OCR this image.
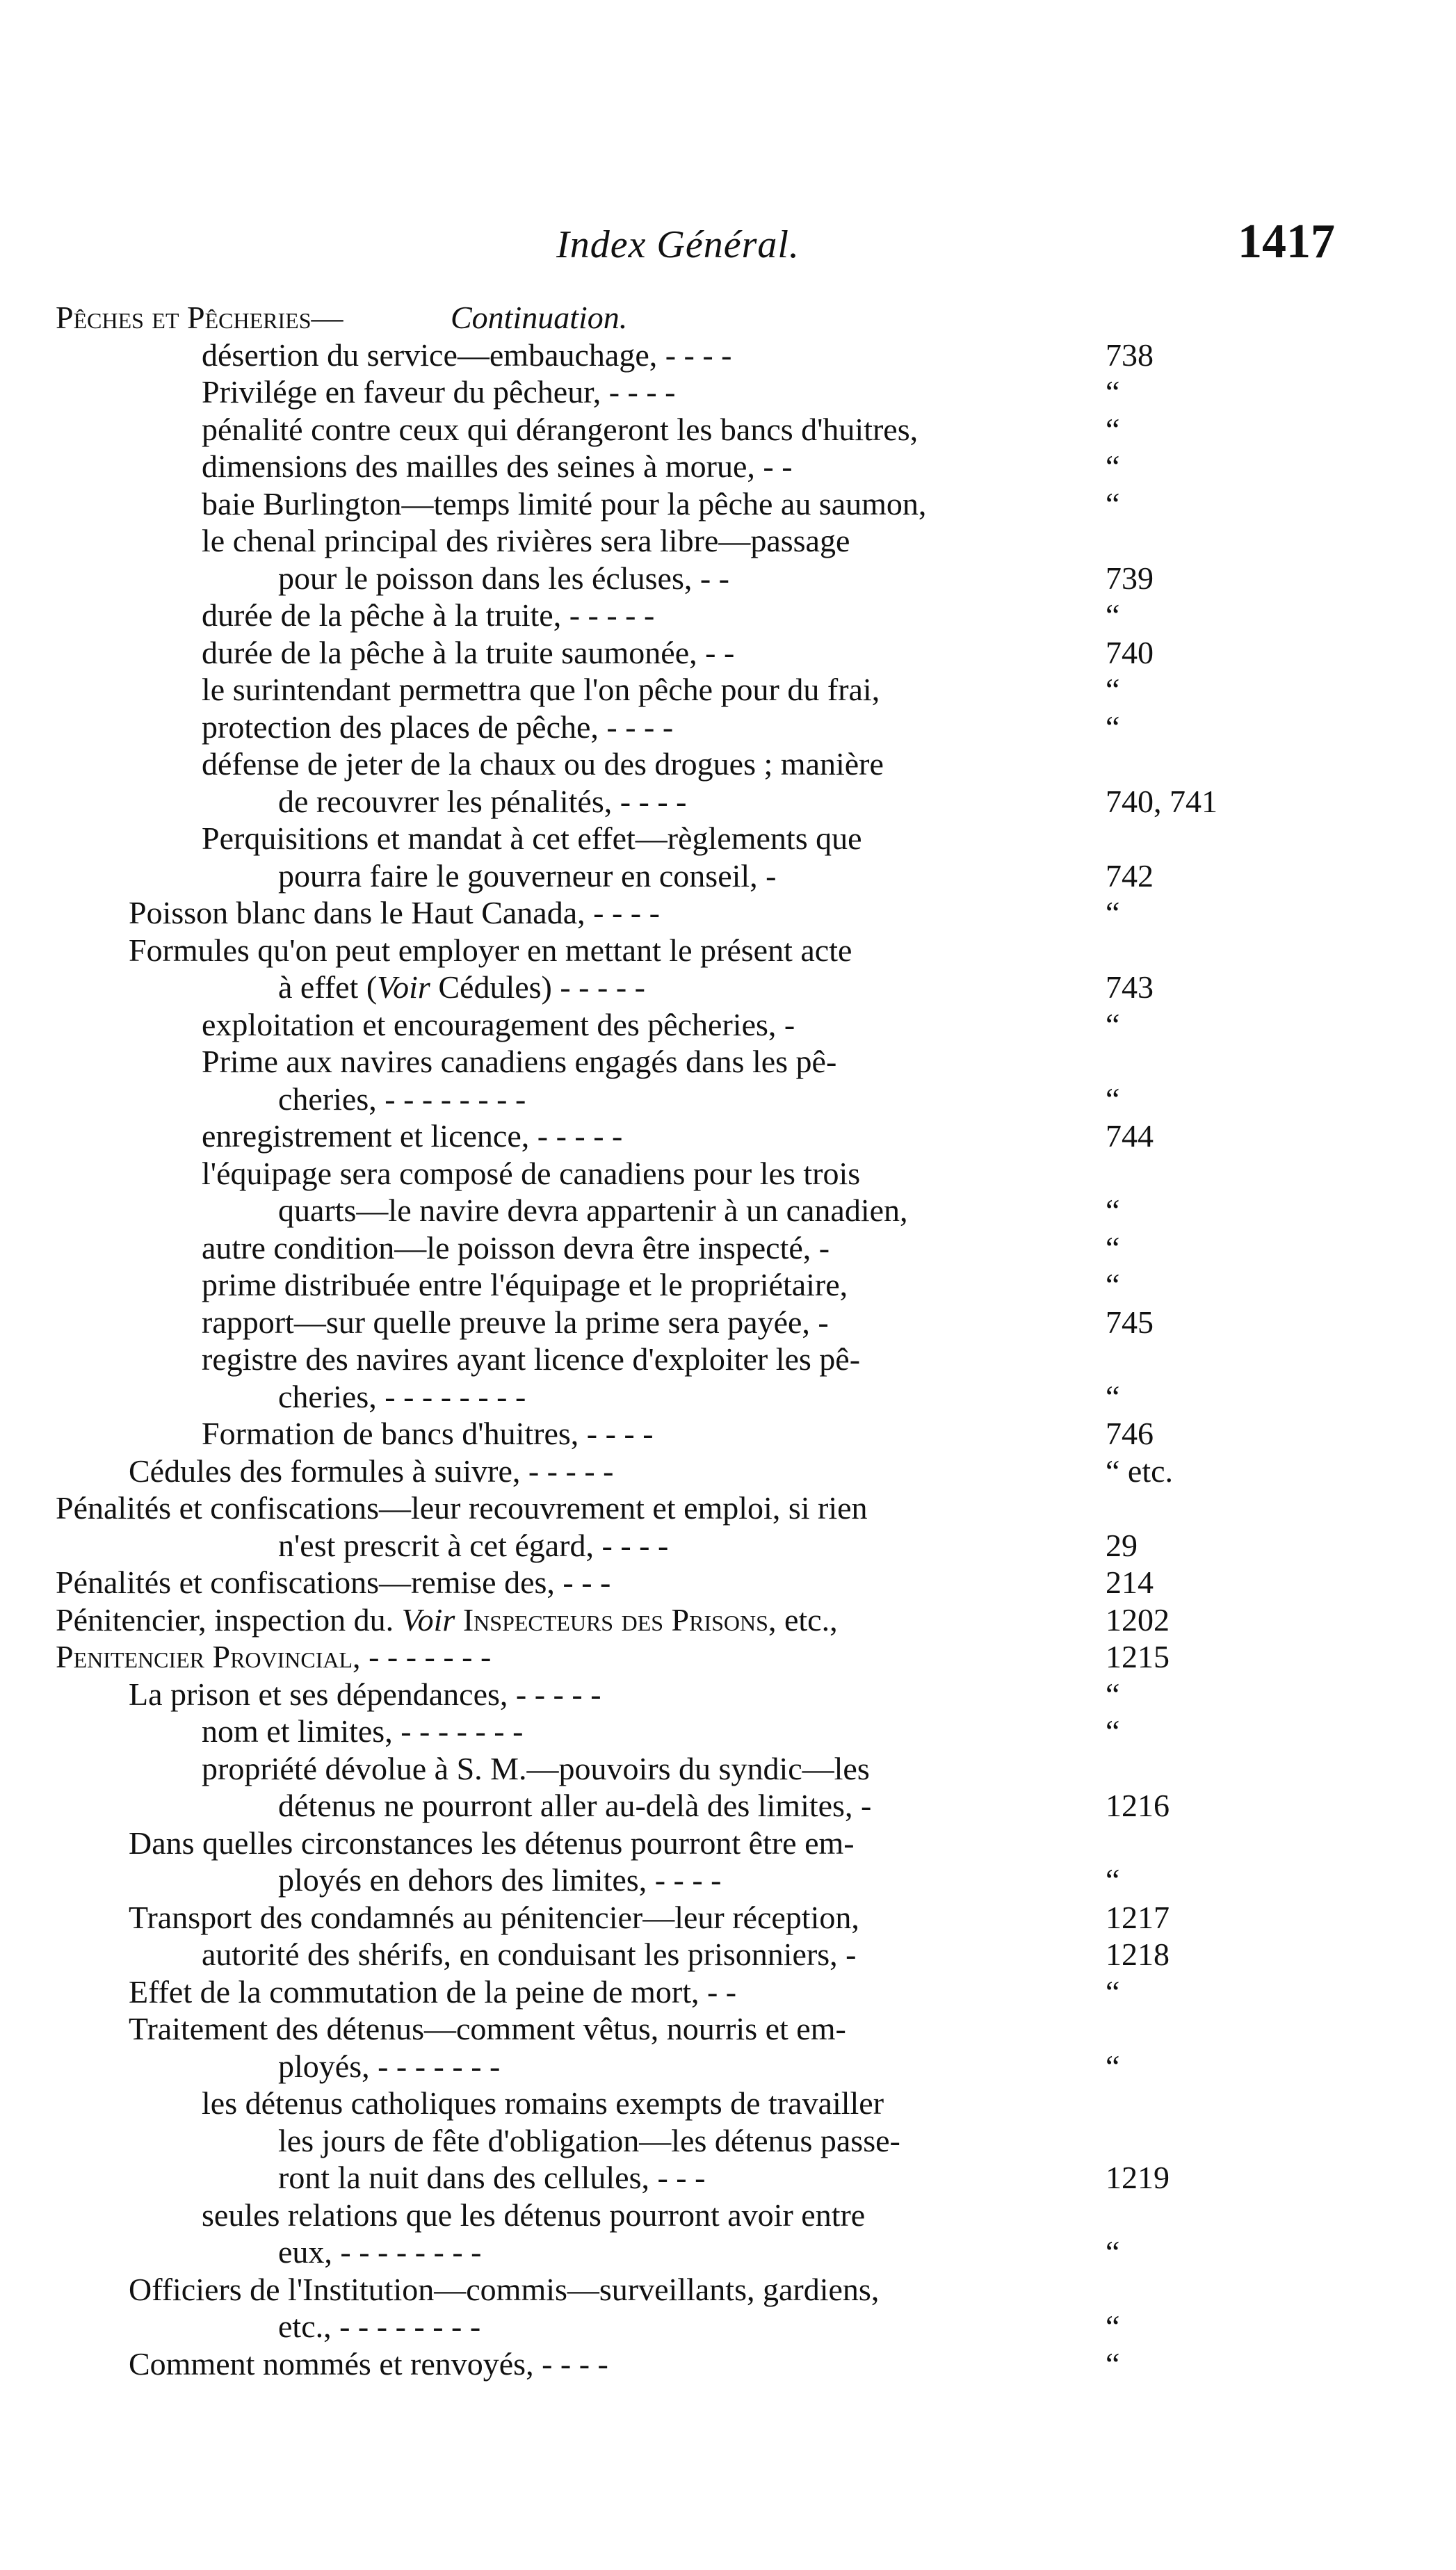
Index Général.	1417
Pêches et Pêcheries—	Continuation.
désertion du service—embauchage, - - - -	738
Privilége en faveur du pêcheur, - - - -	“
pénalité contre ceux qui dérangeront les bancs d'huitres,	“
dimensions des mailles des seines à morue, - -	“
baie Burlington—temps limité pour la pêche au saumon,	“
le chenal principal des rivières sera libre—passage
pour le poisson dans les écluses, - -	739
durée de la pêche à la truite, - - - - -	“
durée de la pêche à la truite saumonée, - -	740
le surintendant permettra que l'on pêche pour du frai,	“
protection des places de pêche, - - - -	“
défense de jeter de la chaux ou des drogues ; manière
de recouvrer les pénalités, - - - -	740, 741
Perquisitions et mandat à cet effet—règlements que
pourra faire le gouverneur en conseil, -	742
Poisson blanc dans le Haut Canada, - - - -	“
Formules qu'on peut employer en mettant le présent acte
à effet (Voir Cédules) - - - - -	743
exploitation et encouragement des pêcheries, -	“
Prime aux navires canadiens engagés dans les pê-
cheries, - - - - - - - -	“
enregistrement et licence, - - - - -	744
l'équipage sera composé de canadiens pour les trois
quarts—le navire devra appartenir à un canadien,	“
autre condition—le poisson devra être inspecté, -	“
prime distribuée entre l'équipage et le propriétaire,	“
rapport—sur quelle preuve la prime sera payée, -	745
registre des navires ayant licence d'exploiter les pê-
cheries, - - - - - - - -	“
Formation de bancs d'huitres, - - - -	746
Cédules des formules à suivre, - - - - -	“ etc.
Pénalités et confiscations—leur recouvrement et emploi, si rien
n'est prescrit à cet égard, - - - -	29
Pénalités et confiscations—remise des, - - -	214
Pénitencier, inspection du. Voir Inspecteurs des Prisons, etc.,	1202
Penitencier Provincial, - - - - - - -	1215
La prison et ses dépendances, - - - - -	“
nom et limites, - - - - - - -	“
propriété dévolue à S. M.—pouvoirs du syndic—les
détenus ne pourront aller au-delà des limites, -	1216
Dans quelles circonstances les détenus pourront être em-
ployés en dehors des limites, - - - -	“
Transport des condamnés au pénitencier—leur réception,	1217
autorité des shérifs, en conduisant les prisonniers, -	1218
Effet de la commutation de la peine de mort, - -	“
Traitement des détenus—comment vêtus, nourris et em-
ployés, - - - - - - -	“
les détenus catholiques romains exempts de travailler
les jours de fête d'obligation—les détenus passe-
ront la nuit dans des cellules, - - -	1219
seules relations que les détenus pourront avoir entre
eux, - - - - - - - -	“
Officiers de l'Institution—commis—surveillants, gardiens,
etc., - - - - - - - -	“
Comment nommés et renvoyés, - - - -	“
